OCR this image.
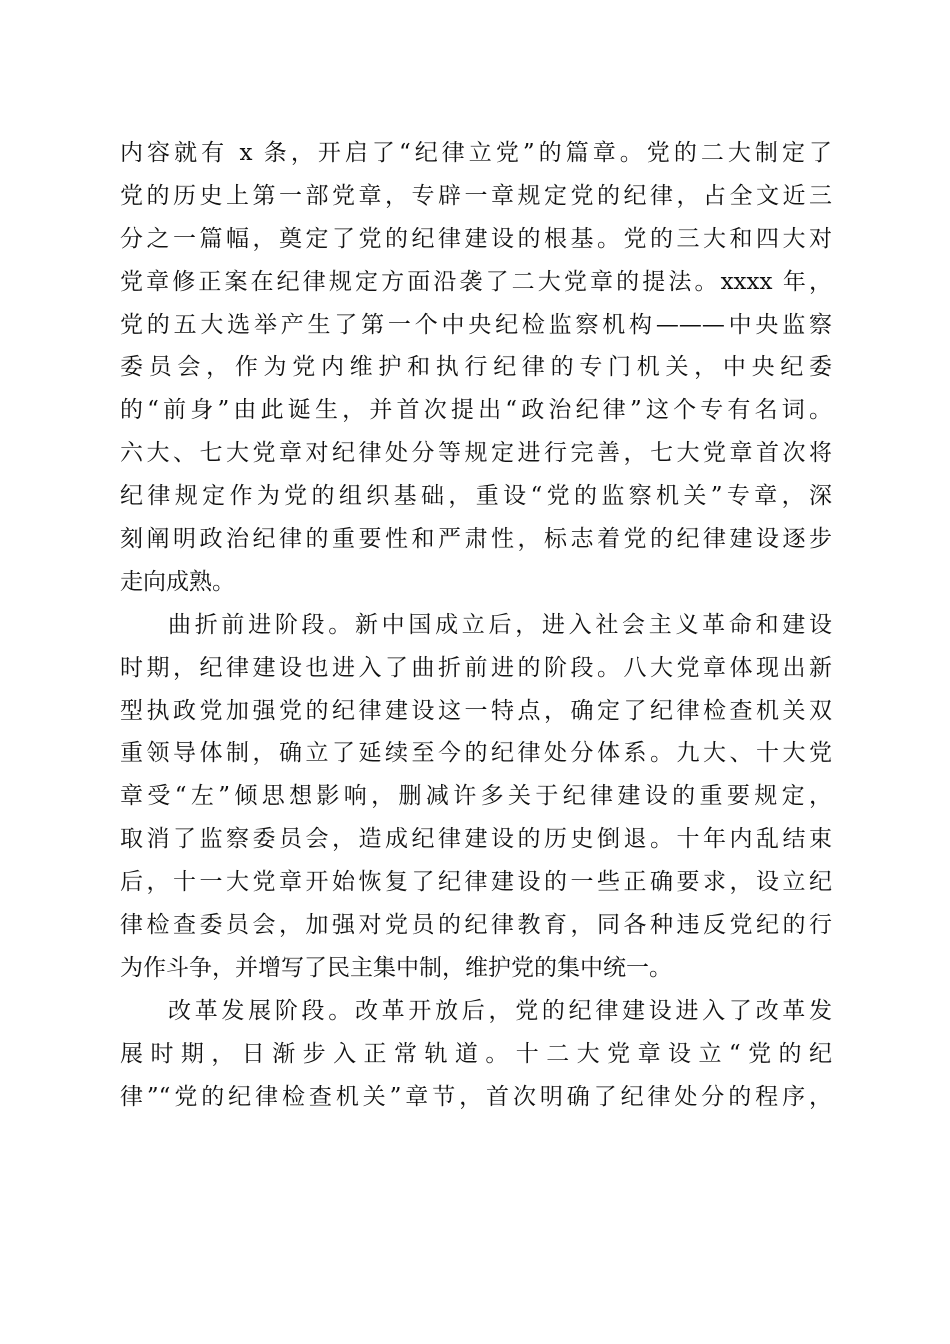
内容就有 x 条，开启了“纪律立党”的篇章。党的二大制定了
党的历史上第一部党章，专辟一章规定党的纪律，占全文近三
分之一篇幅，奠定了党的纪律建设的根基。党的三大和四大对
党章修正案在纪律规定方面沿袭了二大党章的提法。xxxx 年，
党的五大选举产生了第一个中央纪检监察机构———中央监察
委员会，作为党内维护和执行纪律的专门机关，中央纪委
的“前身”由此诞生，并首次提出“政治纪律”这个专有名词。
六大、七大党章对纪律处分等规定进行完善，七大党章首次将
纪律规定作为党的组织基础，重设“党的监察机关”专章，深
刻阐明政治纪律的重要性和严肃性，标志着党的纪律建设逐步
走向成熟。
曲折前进阶段。新中国成立后，进入社会主义革命和建设
时期，纪律建设也进入了曲折前进的阶段。八大党章体现出新
型执政党加强党的纪律建设这一特点，确定了纪律检查机关双
重领导体制，确立了延续至今的纪律处分体系。九大、十大党
章受“左”倾思想影响，删减许多关于纪律建设的重要规定，
取消了监察委员会，造成纪律建设的历史倒退。十年内乱结束
后，十一大党章开始恢复了纪律建设的一些正确要求，设立纪
律检查委员会，加强对党员的纪律教育，同各种违反党纪的行
为作斗争，并增写了民主集中制，维护党的集中统一。
改革发展阶段。改革开放后，党的纪律建设进入了改革发
展时期，日渐步入正常轨道。十二大党章设立“党的纪
律”“党的纪律检查机关”章节，首次明确了纪律处分的程序，
